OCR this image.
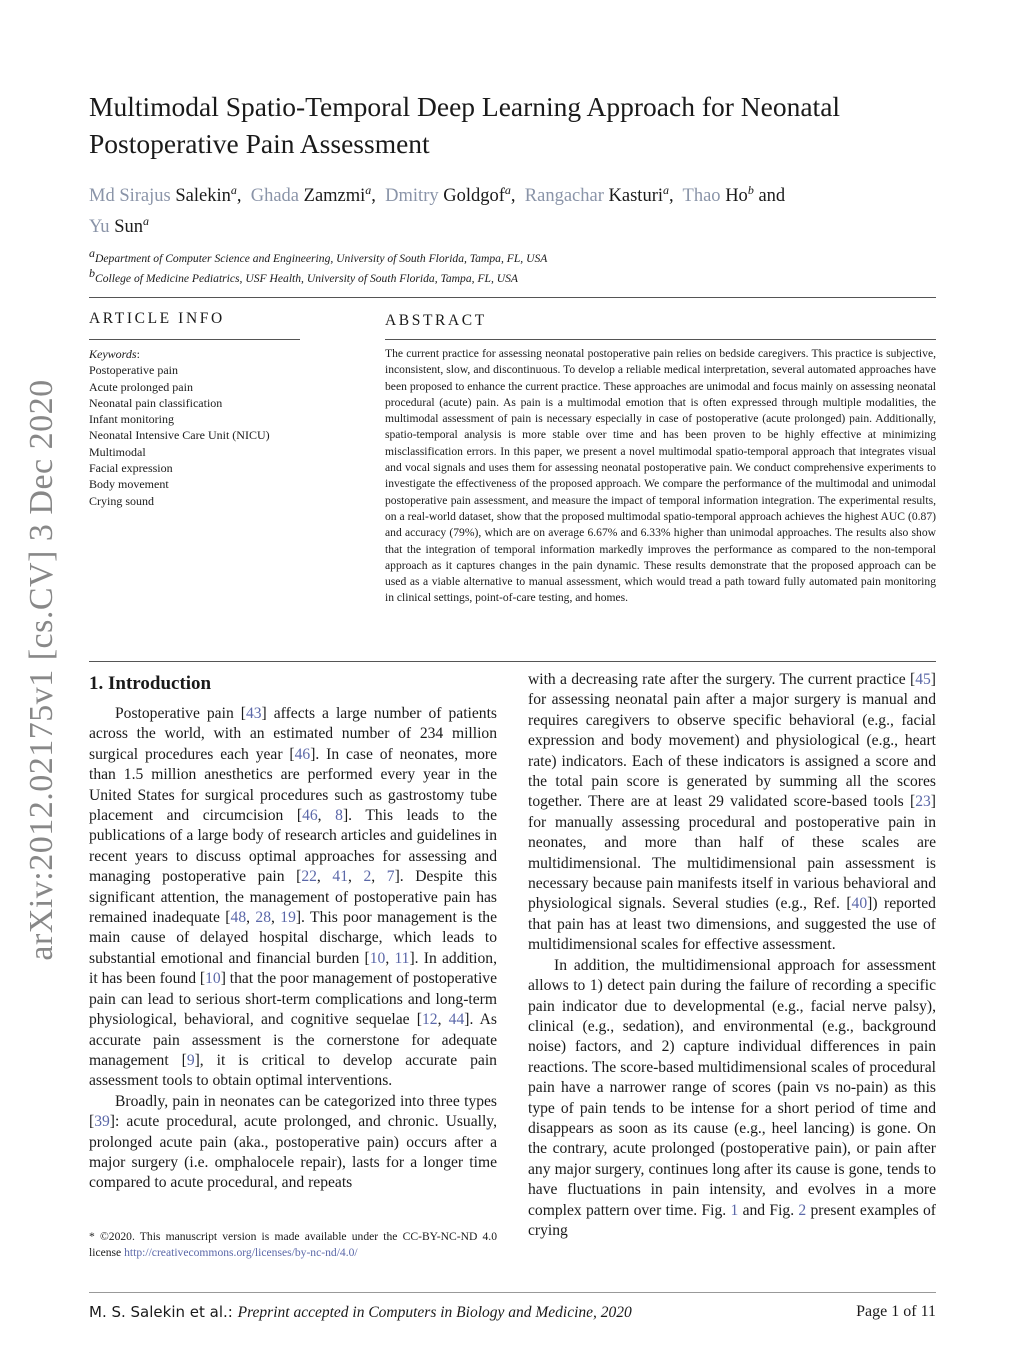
Multimodal Spatio-Temporal Deep Learning Approach for Neonatal Postoperative Pain Assessment
Md Sirajus Salekin$^a$,  Ghada Zamzmi$^a$,  Dmitry Goldgof$^a$,  Rangachar Kasturi$^a$,  Thao Ho$^b$ and
Yu Sun$^a$
$^a$Department of Computer Science and Engineering, University of South Florida, Tampa, FL, USA
$^b$College of Medicine Pediatrics, USF Health, University of South Florida, Tampa, FL, USA
ARTICLE INFO
Keywords:
Postoperative pain
Acute prolonged pain
Neonatal pain classification
Infant monitoring
Neonatal Intensive Care Unit (NICU)
Multimodal
Facial expression
Body movement
Crying sound
ABSTRACT
The current practice for assessing neonatal postoperative pain relies on bedside caregivers. This practice is subjective, inconsistent, slow, and discontinuous. To develop a reliable medical interpretation, several automated approaches have been proposed to enhance the current practice. These approaches are unimodal and focus mainly on assessing neonatal procedural (acute) pain. As pain is a multimodal emotion that is often expressed through multiple modalities, the multimodal assessment of pain is necessary especially in case of postoperative (acute prolonged) pain. Additionally, spatio-temporal analysis is more stable over time and has been proven to be highly effective at minimizing misclassification errors. In this paper, we present a novel multimodal spatio-temporal approach that integrates visual and vocal signals and uses them for assessing neonatal postoperative pain. We conduct comprehensive experiments to investigate the effectiveness of the proposed approach. We compare the performance of the multimodal and unimodal postoperative pain assessment, and measure the impact of temporal information integration. The experimental results, on a real-world dataset, show that the proposed multimodal spatio-temporal approach achieves the highest AUC (0.87) and accuracy (79%), which are on average 6.67% and 6.33% higher than unimodal approaches. The results also show that the integration of temporal information markedly improves the performance as compared to the non-temporal approach as it captures changes in the pain dynamic. These results demonstrate that the proposed approach can be used as a viable alternative to manual assessment, which would tread a path toward fully automated pain monitoring in clinical settings, point-of-care testing, and homes.
1. Introduction

Postoperative pain [43] affects a large number of patients across the world, with an estimated number of 234 million surgical procedures each year [46]. In case of neonates, more than 1.5 million anesthetics are performed every year in the United States for surgical procedures such as gastrostomy tube placement and circumcision [46, 8]. This leads to the publications of a large body of research articles and guidelines in recent years to discuss optimal approaches for assessing and managing postoperative pain [22, 41, 2, 7]. Despite this significant attention, the management of postoperative pain has remained inadequate [48, 28, 19]. This poor management is the main cause of delayed hospital discharge, which leads to substantial emotional and financial burden [10, 11]. In addition, it has been found [10] that the poor management of postoperative pain can lead to serious short-term complications and long-term physiological, behavioral, and cognitive sequelae [12, 44]. As accurate pain assessment is the cornerstone for adequate management [9], it is critical to develop accurate pain assessment tools to obtain optimal interventions.

Broadly, pain in neonates can be categorized into three types [39]: acute procedural, acute prolonged, and chronic. Usually, prolonged acute pain (aka., postoperative pain) occurs after a major surgery (i.e. omphalocele repair), lasts for a longer time compared to acute procedural, and repeats

* ©2020. This manuscript version is made available under the CC-BY-NC-ND 4.0 license http://creativecommons.org/licenses/by-nc-nd/4.0/

with a decreasing rate after the surgery. The current practice [45] for assessing neonatal pain after a major surgery is manual and requires caregivers to observe specific behavioral (e.g., facial expression and body movement) and physiological (e.g., heart rate) indicators. Each of these indicators is assigned a score and the total pain score is generated by summing all the scores together. There are at least 29 validated score-based tools [23] for manually assessing procedural and postoperative pain in neonates, and more than half of these scales are multidimensional. The multidimensional pain assessment is necessary because pain manifests itself in various behavioral and physiological signals. Several studies (e.g., Ref. [40]) reported that pain has at least two dimensions, and suggested the use of multidimensional scales for effective assessment.

In addition, the multidimensional approach for assessment allows to 1) detect pain during the failure of recording a specific pain indicator due to developmental (e.g., facial nerve palsy), clinical (e.g., sedation), and environmental (e.g., background noise) factors, and 2) capture individual differences in pain reactions. The score-based multidimensional scales of procedural pain have a narrower range of scores (pain vs no-pain) as this type of pain tends to be intense for a short period of time and disappears as soon as its cause (e.g., heel lancing) is gone. On the contrary, acute prolonged (postoperative pain), or pain after any major surgery, continues long after its cause is gone, tends to have fluctuations in pain intensity, and evolves in a more complex pattern over time. Fig. 1 and Fig. 2 present examples of crying

arXiv:2012.02175v1 [cs.CV] 3 Dec 2020
M. S. Salekin et al.: Preprint accepted in Computers in Biology and Medicine, 2020	Page 1 of 11
